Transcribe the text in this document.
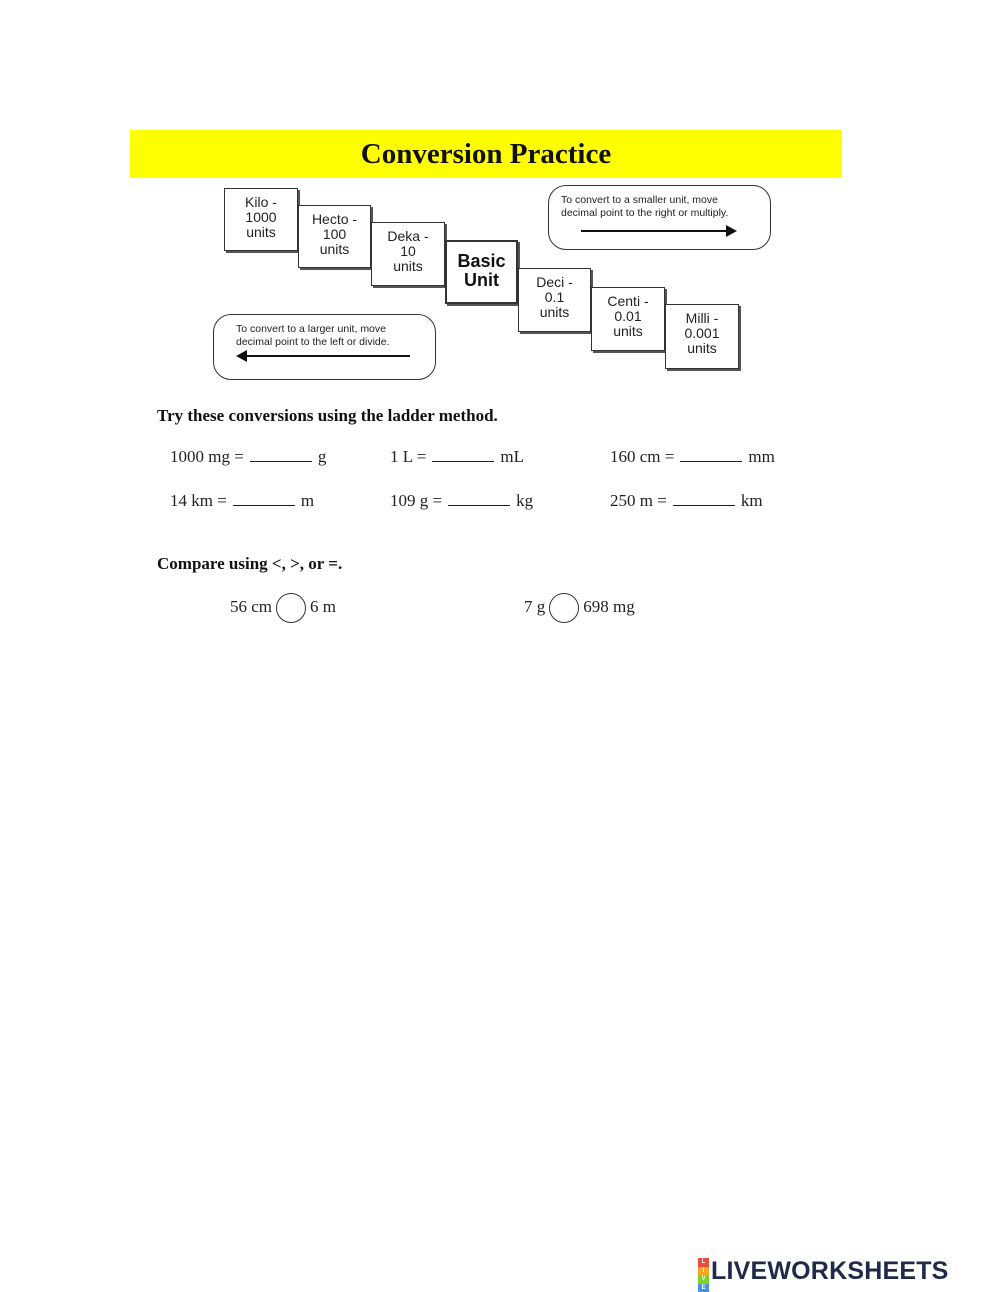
Conversion Practice
Kilo -
1000
units
Hecto -
100
units
Deka -
10
units	Basic
Unit	Deci -
0.1
units
Centi -
0.01
units
Milli -
0.001
units
To convert to a smaller unit, move
decimal point to the right or multiply.
To convert to a larger unit, move
decimal point to the left or divide.
Try these conversions using the ladder method.
1000 mg =	g	1 L =	mL	160 cm =	mm
14 km =	m	109 g =	kg	250 m =	km
Compare using <, >, or =.
56 cm 6 m	7 g 698 mg
L
I
V
E
LIVEWORKSHEETS
